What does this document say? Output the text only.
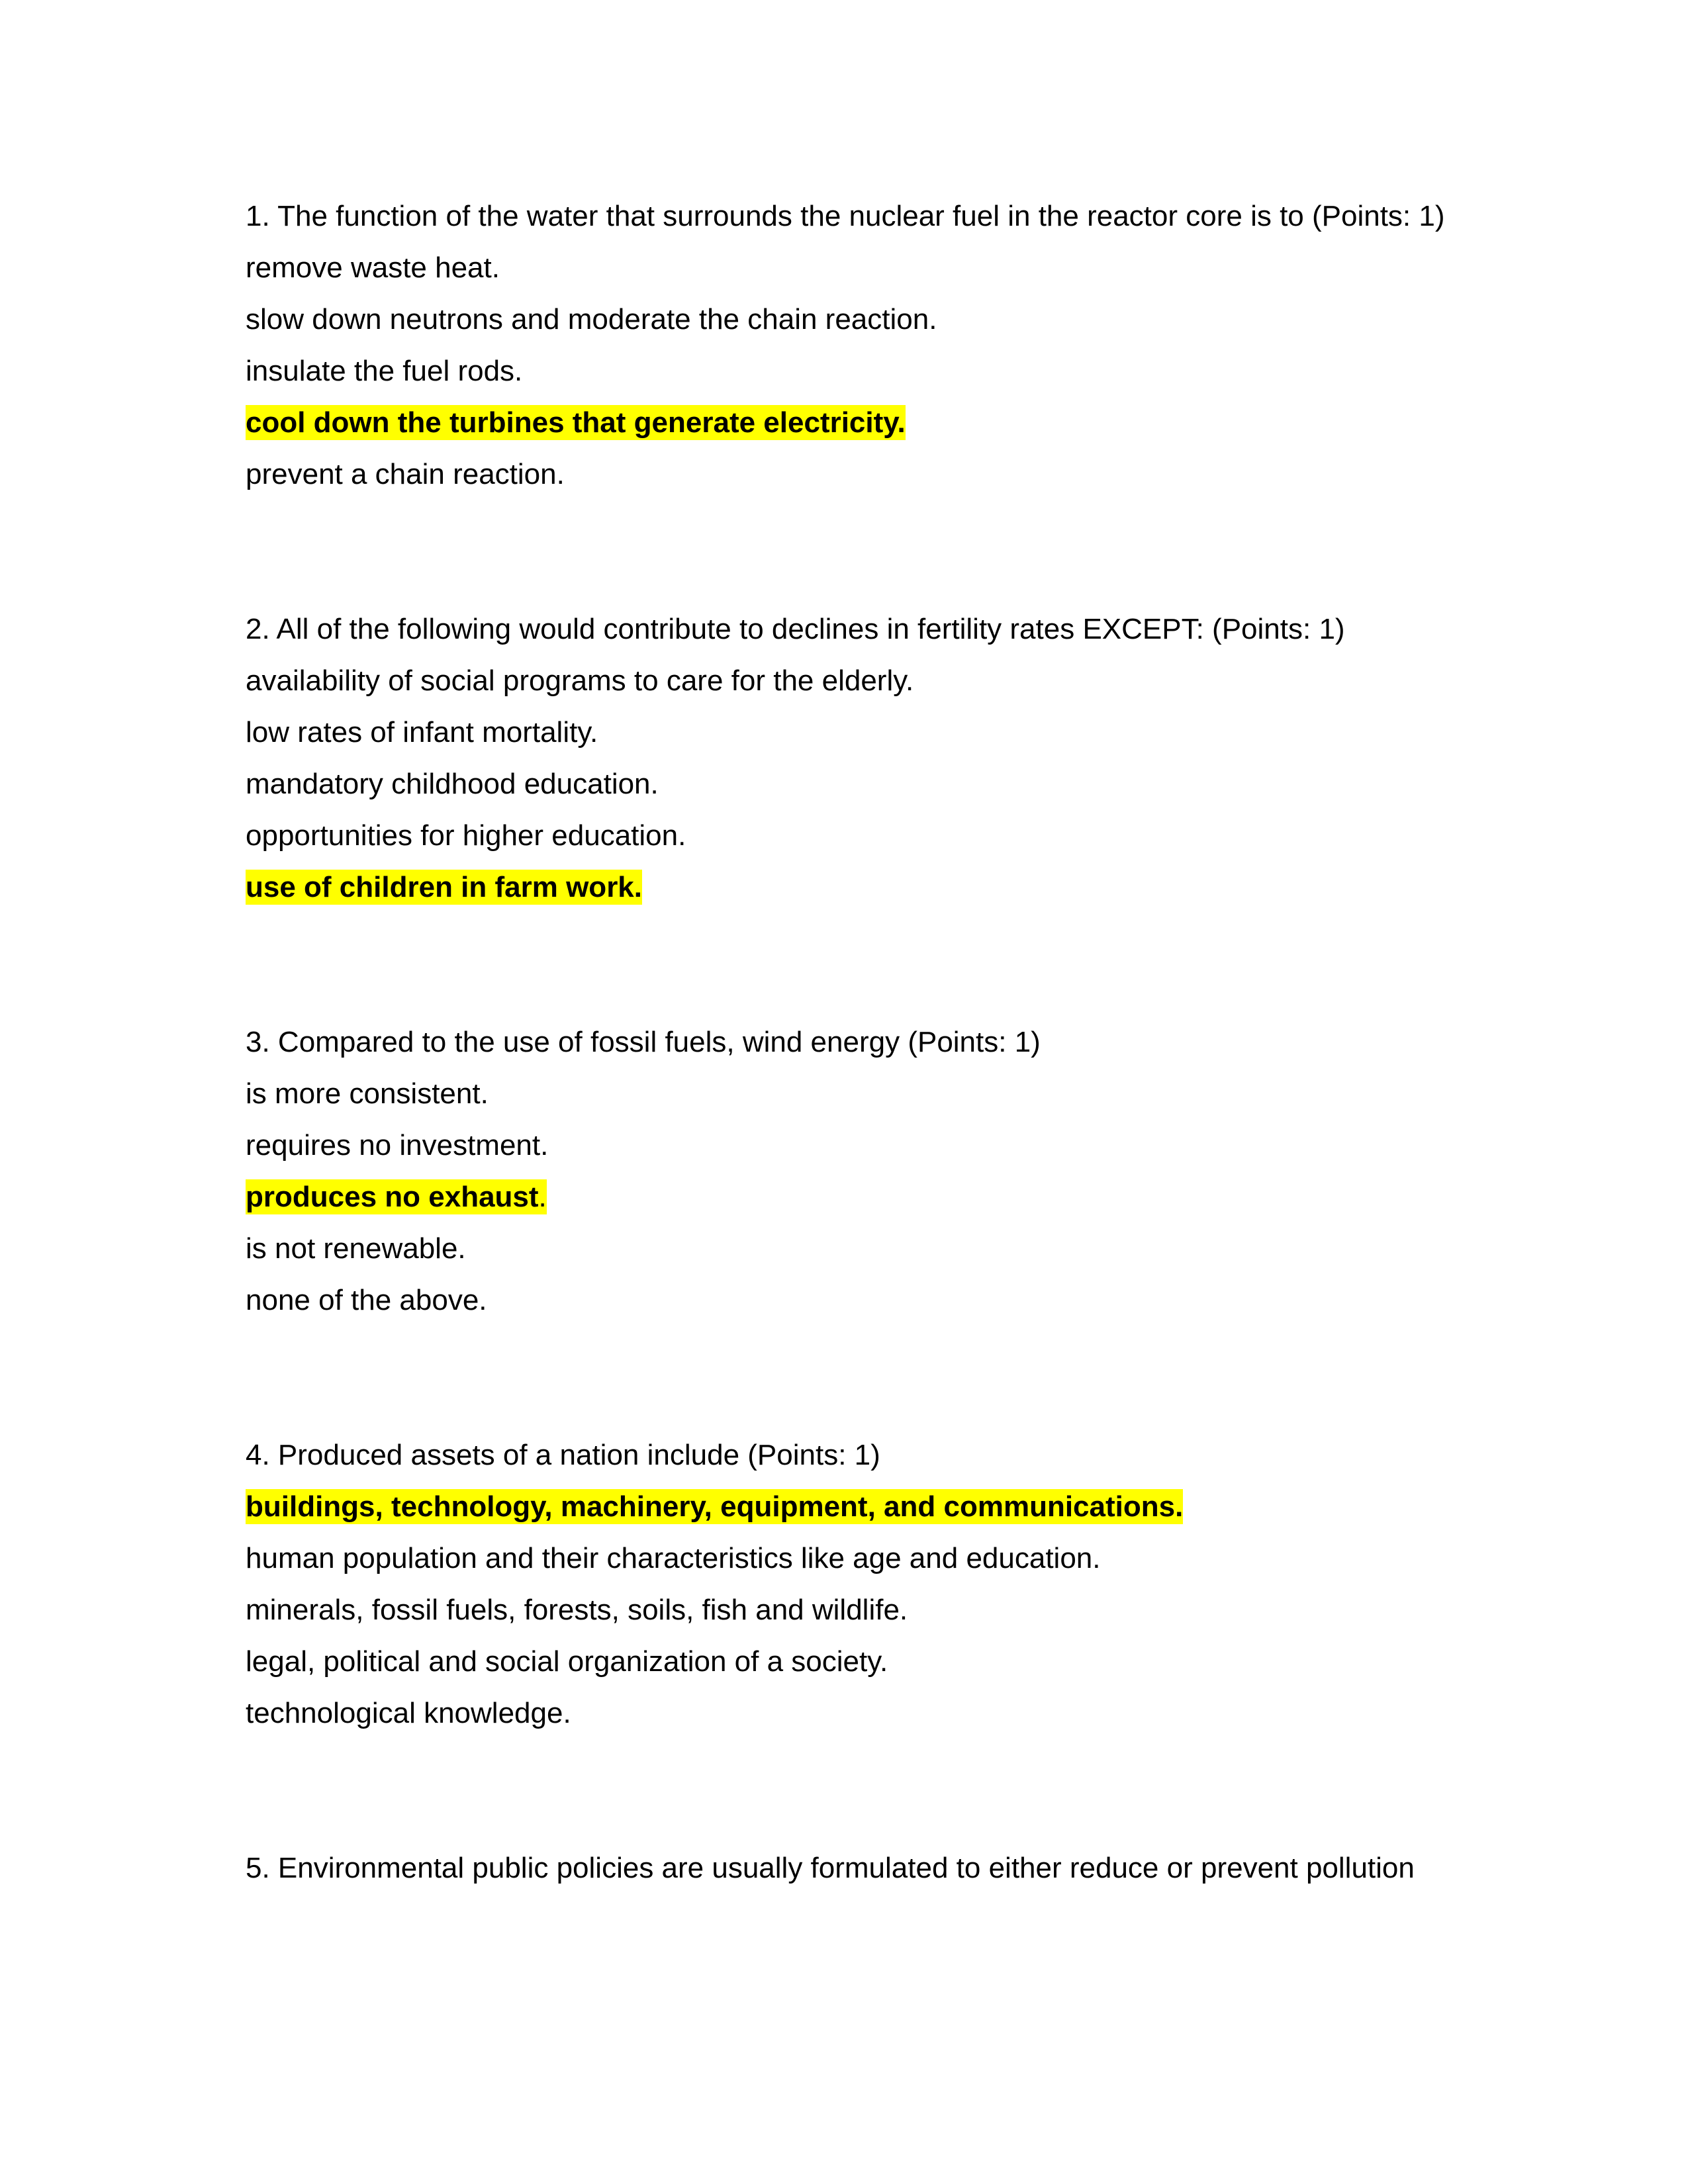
1. The function of the water that surrounds the nuclear fuel in the reactor core is to (Points: 1)

remove waste heat.

slow down neutrons and moderate the chain reaction.

insulate the fuel rods.

cool down the turbines that generate electricity.

prevent a chain reaction.

2. All of the following would contribute to declines in fertility rates EXCEPT: (Points: 1)

availability of social programs to care for the elderly.

low rates of infant mortality.

mandatory childhood education.

opportunities for higher education.

use of children in farm work.

3. Compared to the use of fossil fuels, wind energy (Points: 1)

is more consistent.

requires no investment.

produces no exhaust.

is not renewable.

none of the above.

4. Produced assets of a nation include (Points: 1)

buildings, technology, machinery, equipment, and communications.

human population and their characteristics like age and education.

minerals, fossil fuels, forests, soils, fish and wildlife.

legal, political and social organization of a society.

technological knowledge.

5. Environmental public policies are usually formulated to either reduce or prevent pollution
